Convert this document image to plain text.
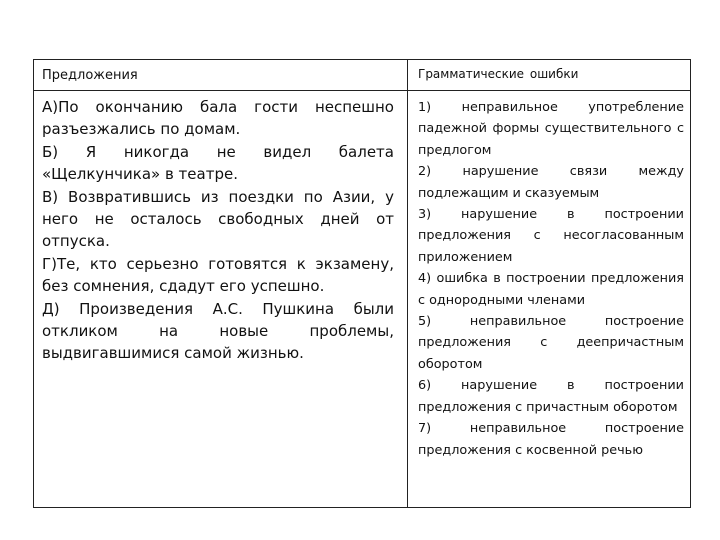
Предложения	Грамматические ошибки

А)По окончанию бала гости неспешно разъезжались по домам.

Б) Я никогда не видел балета «Щелкунчика» в театре.

В) Возвратившись из поездки по Азии, у него не осталось свободных дней от отпуска.

Г)Те, кто серьезно готовятся к экзамену, без сомнения, сдадут его успешно.

Д) Произведения А.С. Пушкина были откликом на новые проблемы, выдвигавшимися самой жизнью.

1) неправильное употребление падежной формы существительного с предлогом

2) нарушение связи между подлежащим и сказуемым

3) нарушение в построении предложения с несогласованным приложением

4) ошибка в построении предложения с однородными членами

5) неправильное построение предложения с деепричастным оборотом

6) нарушение в построении предложения с причастным оборотом

7) неправильное построение предложения с косвенной речью
